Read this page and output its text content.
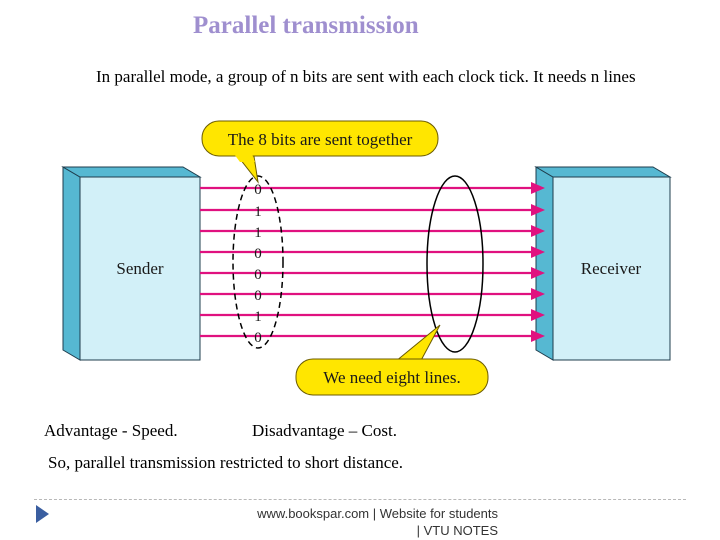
Parallel transmission
In parallel mode, a group of n bits are sent with each clock tick. It needs n lines
Sender	Receiver
0
1
1
0
0
0
1
0
The 8 bits are sent together
We need eight lines.
Advantage - Speed.	Disadvantage – Cost.
So, parallel transmission restricted to short distance.
www.bookspar.com | Website for students
| VTU NOTES
